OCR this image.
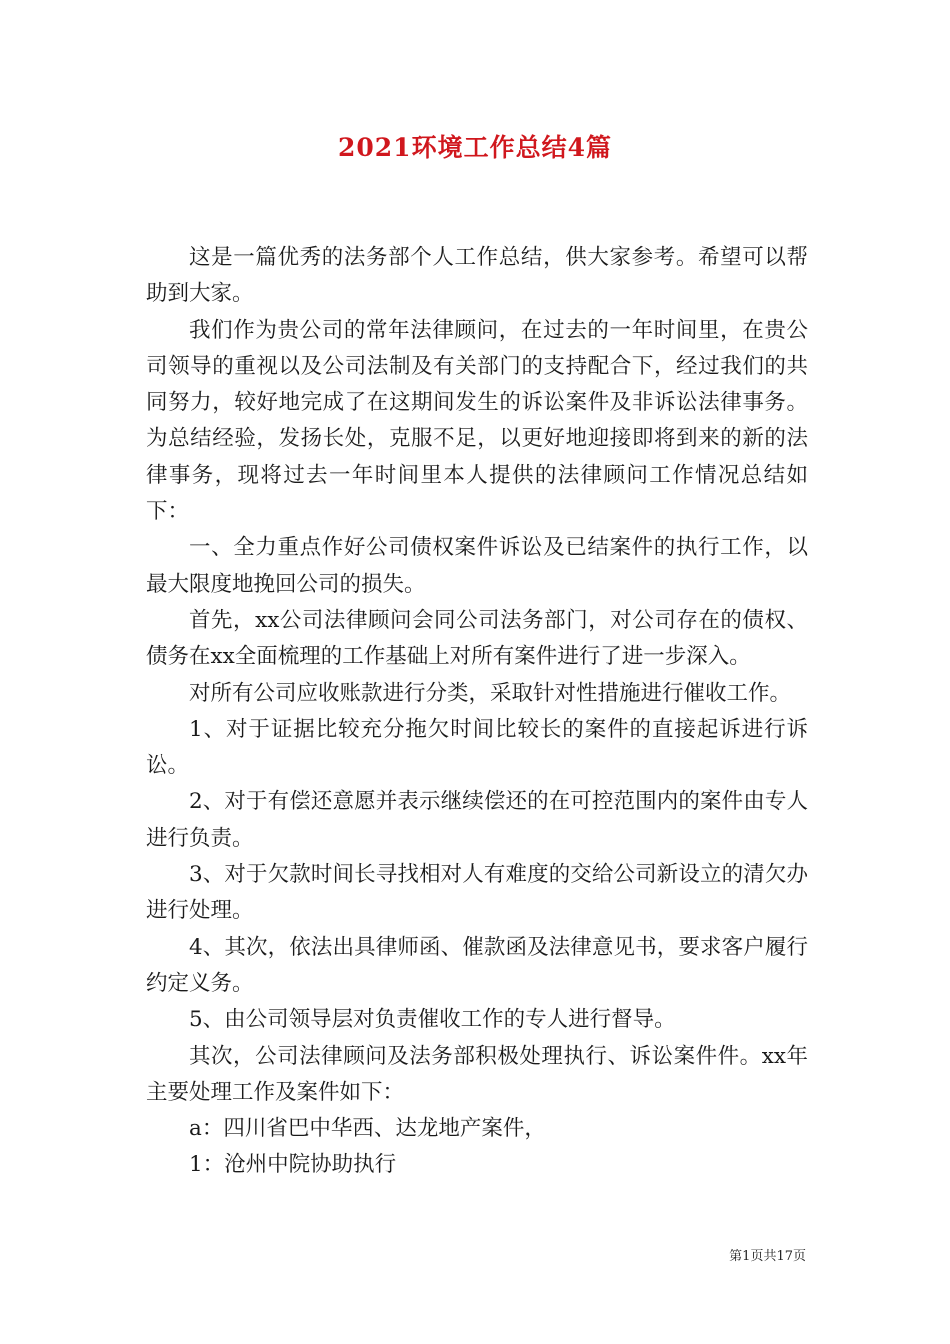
2021环境工作总结4篇

这是一篇优秀的法务部个人工作总结，供大家参考。希望可以帮助到大家。

我们作为贵公司的常年法律顾问，在过去的一年时间里，在贵公司领导的重视以及公司法制及有关部门的支持配合下，经过我们的共同努力，较好地完成了在这期间发生的诉讼案件及非诉讼法律事务。为总结经验，发扬长处，克服不足，以更好地迎接即将到来的新的法律事务，现将过去一年时间里本人提供的法律顾问工作情况总结如下：

一、全力重点作好公司债权案件诉讼及已结案件的执行工作，以最大限度地挽回公司的损失。

首先，xx公司法律顾问会同公司法务部门，对公司存在的债权、债务在xx全面梳理的工作基础上对所有案件进行了进一步深入。

对所有公司应收账款进行分类，采取针对性措施进行催收工作。

1、对于证据比较充分拖欠时间比较长的案件的直接起诉进行诉讼。

2、对于有偿还意愿并表示继续偿还的在可控范围内的案件由专人进行负责。

3、对于欠款时间长寻找相对人有难度的交给公司新设立的清欠办进行处理。

4、其次，依法出具律师函、催款函及法律意见书，要求客户履行约定义务。

5、由公司领导层对负责催收工作的专人进行督导。

其次，公司法律顾问及法务部积极处理执行、诉讼案件件。xx年主要处理工作及案件如下：

a：四川省巴中华西、达龙地产案件，

1：沧州中院协助执行

第1页共17页
